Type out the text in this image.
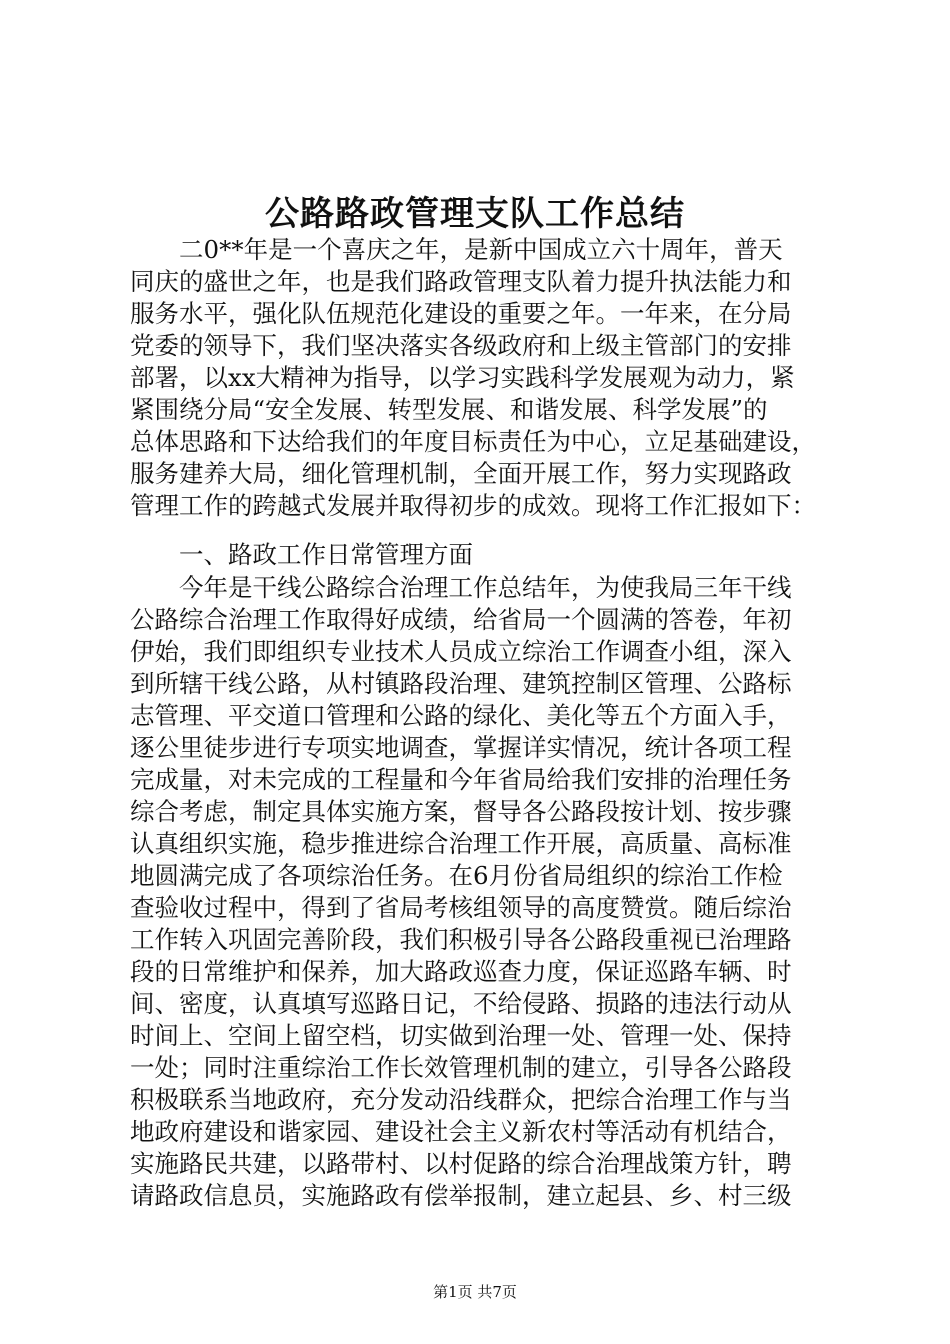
公路路政管理支队工作总结
　　二0**年是一个喜庆之年，是新中国成立六十周年，普天
同庆的盛世之年，也是我们路政管理支队着力提升执法能力和
服务水平，强化队伍规范化建设的重要之年。一年来，在分局
党委的领导下，我们坚决落实各级政府和上级主管部门的安排
部署，以xx大精神为指导，以学习实践科学发展观为动力，紧
紧围绕分局“安全发展、转型发展、和谐发展、科学发展”的
总体思路和下达给我们的年度目标责任为中心，立足基础建设，
服务建养大局，细化管理机制，全面开展工作，努力实现路政
管理工作的跨越式发展并取得初步的成效。现将工作汇报如下：
　　一、路政工作日常管理方面
　　今年是干线公路综合治理工作总结年，为使我局三年干线
公路综合治理工作取得好成绩，给省局一个圆满的答卷，年初
伊始，我们即组织专业技术人员成立综治工作调查小组，深入
到所辖干线公路，从村镇路段治理、建筑控制区管理、公路标
志管理、平交道口管理和公路的绿化、美化等五个方面入手，
逐公里徒步进行专项实地调查，掌握详实情况，统计各项工程
完成量，对未完成的工程量和今年省局给我们安排的治理任务
综合考虑，制定具体实施方案，督导各公路段按计划、按步骤
认真组织实施，稳步推进综合治理工作开展，高质量、高标准
地圆满完成了各项综治任务。在6月份省局组织的综治工作检
查验收过程中，得到了省局考核组领导的高度赞赏。随后综治
工作转入巩固完善阶段，我们积极引导各公路段重视已治理路
段的日常维护和保养，加大路政巡查力度，保证巡路车辆、时
间、密度，认真填写巡路日记，不给侵路、损路的违法行动从
时间上、空间上留空档，切实做到治理一处、管理一处、保持
一处；同时注重综治工作长效管理机制的建立，引导各公路段
积极联系当地政府，充分发动沿线群众，把综合治理工作与当
地政府建设和谐家园、建设社会主义新农村等活动有机结合，
实施路民共建，以路带村、以村促路的综合治理战策方针，聘
请路政信息员，实施路政有偿举报制，建立起县、乡、村三级
第1页 共7页
